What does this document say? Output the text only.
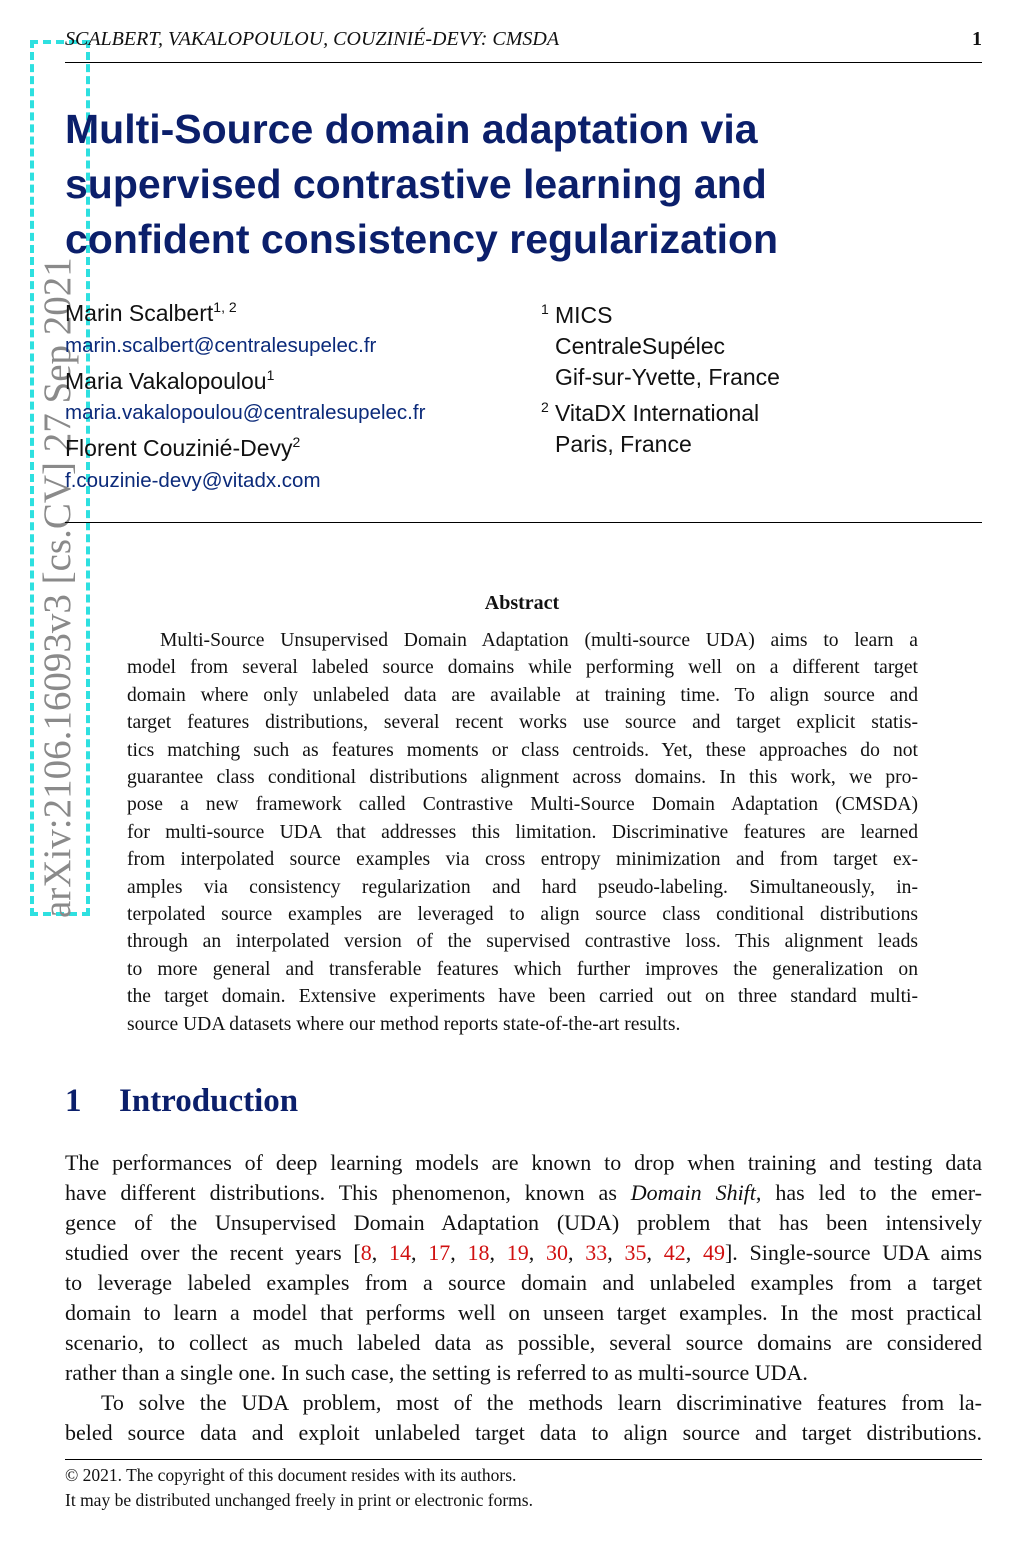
arXiv:2106.16093v3 [cs.CV] 27 Sep 2021
SCALBERT, VAKALOPOULOU, COUZINIÉ-DEVY: CMSDA	1
Multi-Source domain adaptation via
supervised contrastive learning and
confident consistency regularization
Marin Scalbert$^{1, 2}$
marin.scalbert@centralesupelec.fr
Maria Vakalopoulou$^1$
maria.vakalopoulou@centralesupelec.fr
Florent Couzinié-Devy$^2$
f.couzinie-devy@vitadx.com
$^1$ MICS
CentraleSupélec
Gif-sur-Yvette, France
$^2$ VitaDX International
Paris, France
Abstract
Multi-Source Unsupervised Domain Adaptation (multi-source UDA) aims to learn a
model from several labeled source domains while performing well on a different target
domain where only unlabeled data are available at training time. To align source and
target features distributions, several recent works use source and target explicit statis-
tics matching such as features moments or class centroids. Yet, these approaches do not
guarantee class conditional distributions alignment across domains. In this work, we pro-
pose a new framework called Contrastive Multi-Source Domain Adaptation (CMSDA)
for multi-source UDA that addresses this limitation. Discriminative features are learned
from interpolated source examples via cross entropy minimization and from target ex-
amples via consistency regularization and hard pseudo-labeling. Simultaneously, in-
terpolated source examples are leveraged to align source class conditional distributions
through an interpolated version of the supervised contrastive loss. This alignment leads
to more general and transferable features which further improves the generalization on
the target domain. Extensive experiments have been carried out on three standard multi-
source UDA datasets where our method reports state-of-the-art results.
1 Introduction
The performances of deep learning models are known to drop when training and testing data
have different distributions. This phenomenon, known as Domain Shift, has led to the emer-
gence of the Unsupervised Domain Adaptation (UDA) problem that has been intensively
studied over the recent years [8, 14, 17, 18, 19, 30, 33, 35, 42, 49]. Single-source UDA aims
to leverage labeled examples from a source domain and unlabeled examples from a target
domain to learn a model that performs well on unseen target examples. In the most practical
scenario, to collect as much labeled data as possible, several source domains are considered
rather than a single one. In such case, the setting is referred to as multi-source UDA.
To solve the UDA problem, most of the methods learn discriminative features from la-
beled source data and exploit unlabeled target data to align source and target distributions.
© 2021. The copyright of this document resides with its authors.
It may be distributed unchanged freely in print or electronic forms.
